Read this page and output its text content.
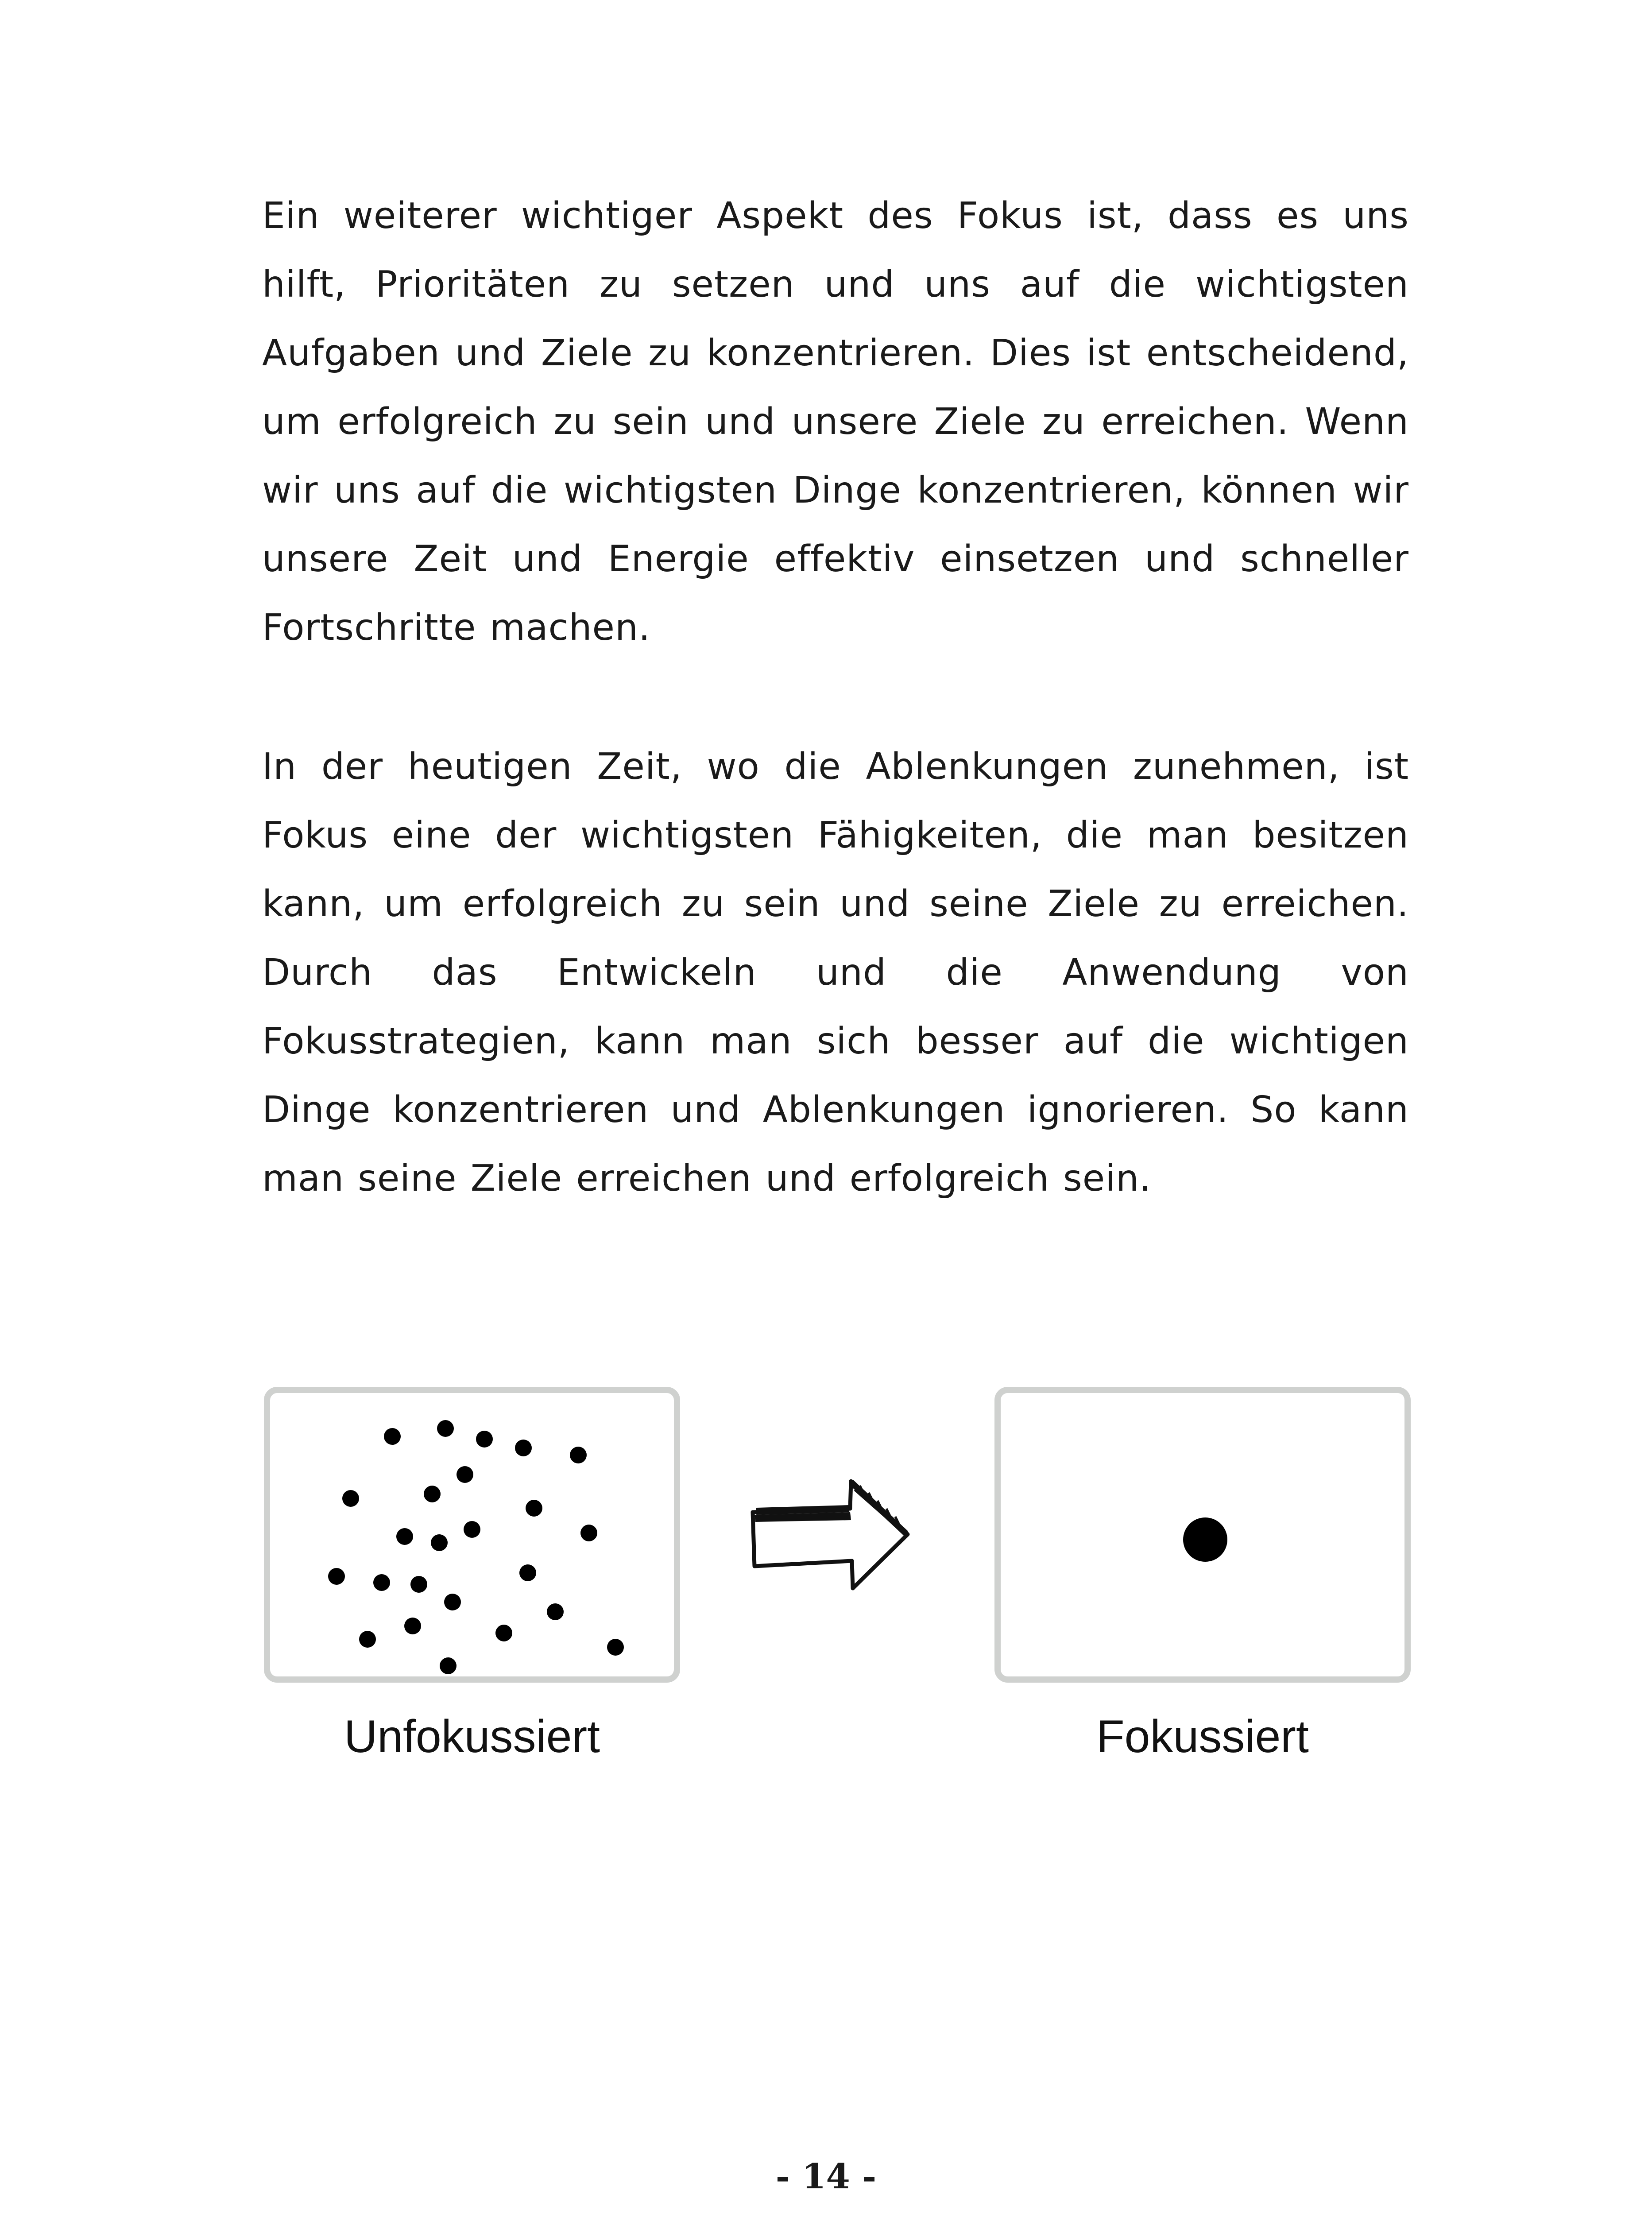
Ein weiterer wichtiger Aspekt des Fokus ist, dass es uns hilft, Prioritäten zu setzen und uns auf die wichtigsten Aufgaben und Ziele zu konzentrieren. Dies ist entscheidend, um erfolgreich zu sein und unsere Ziele zu erreichen. Wenn wir uns auf die wichtigsten Dinge konzentrieren, können wir unsere Zeit und Energie effektiv einsetzen und schneller Fortschritte machen.

In der heutigen Zeit, wo die Ablenkungen zunehmen, ist Fokus eine der wichtigsten Fähigkeiten, die man besitzen kann, um erfolgreich zu sein und seine Ziele zu erreichen. Durch das Entwickeln und die Anwendung von Fokusstrategien, kann man sich besser auf die wichtigen Dinge konzentrieren und Ablenkungen ignorieren. So kann man seine Ziele erreichen und erfolgreich sein.

Unfokussiert	Fokussiert
- 14 -
